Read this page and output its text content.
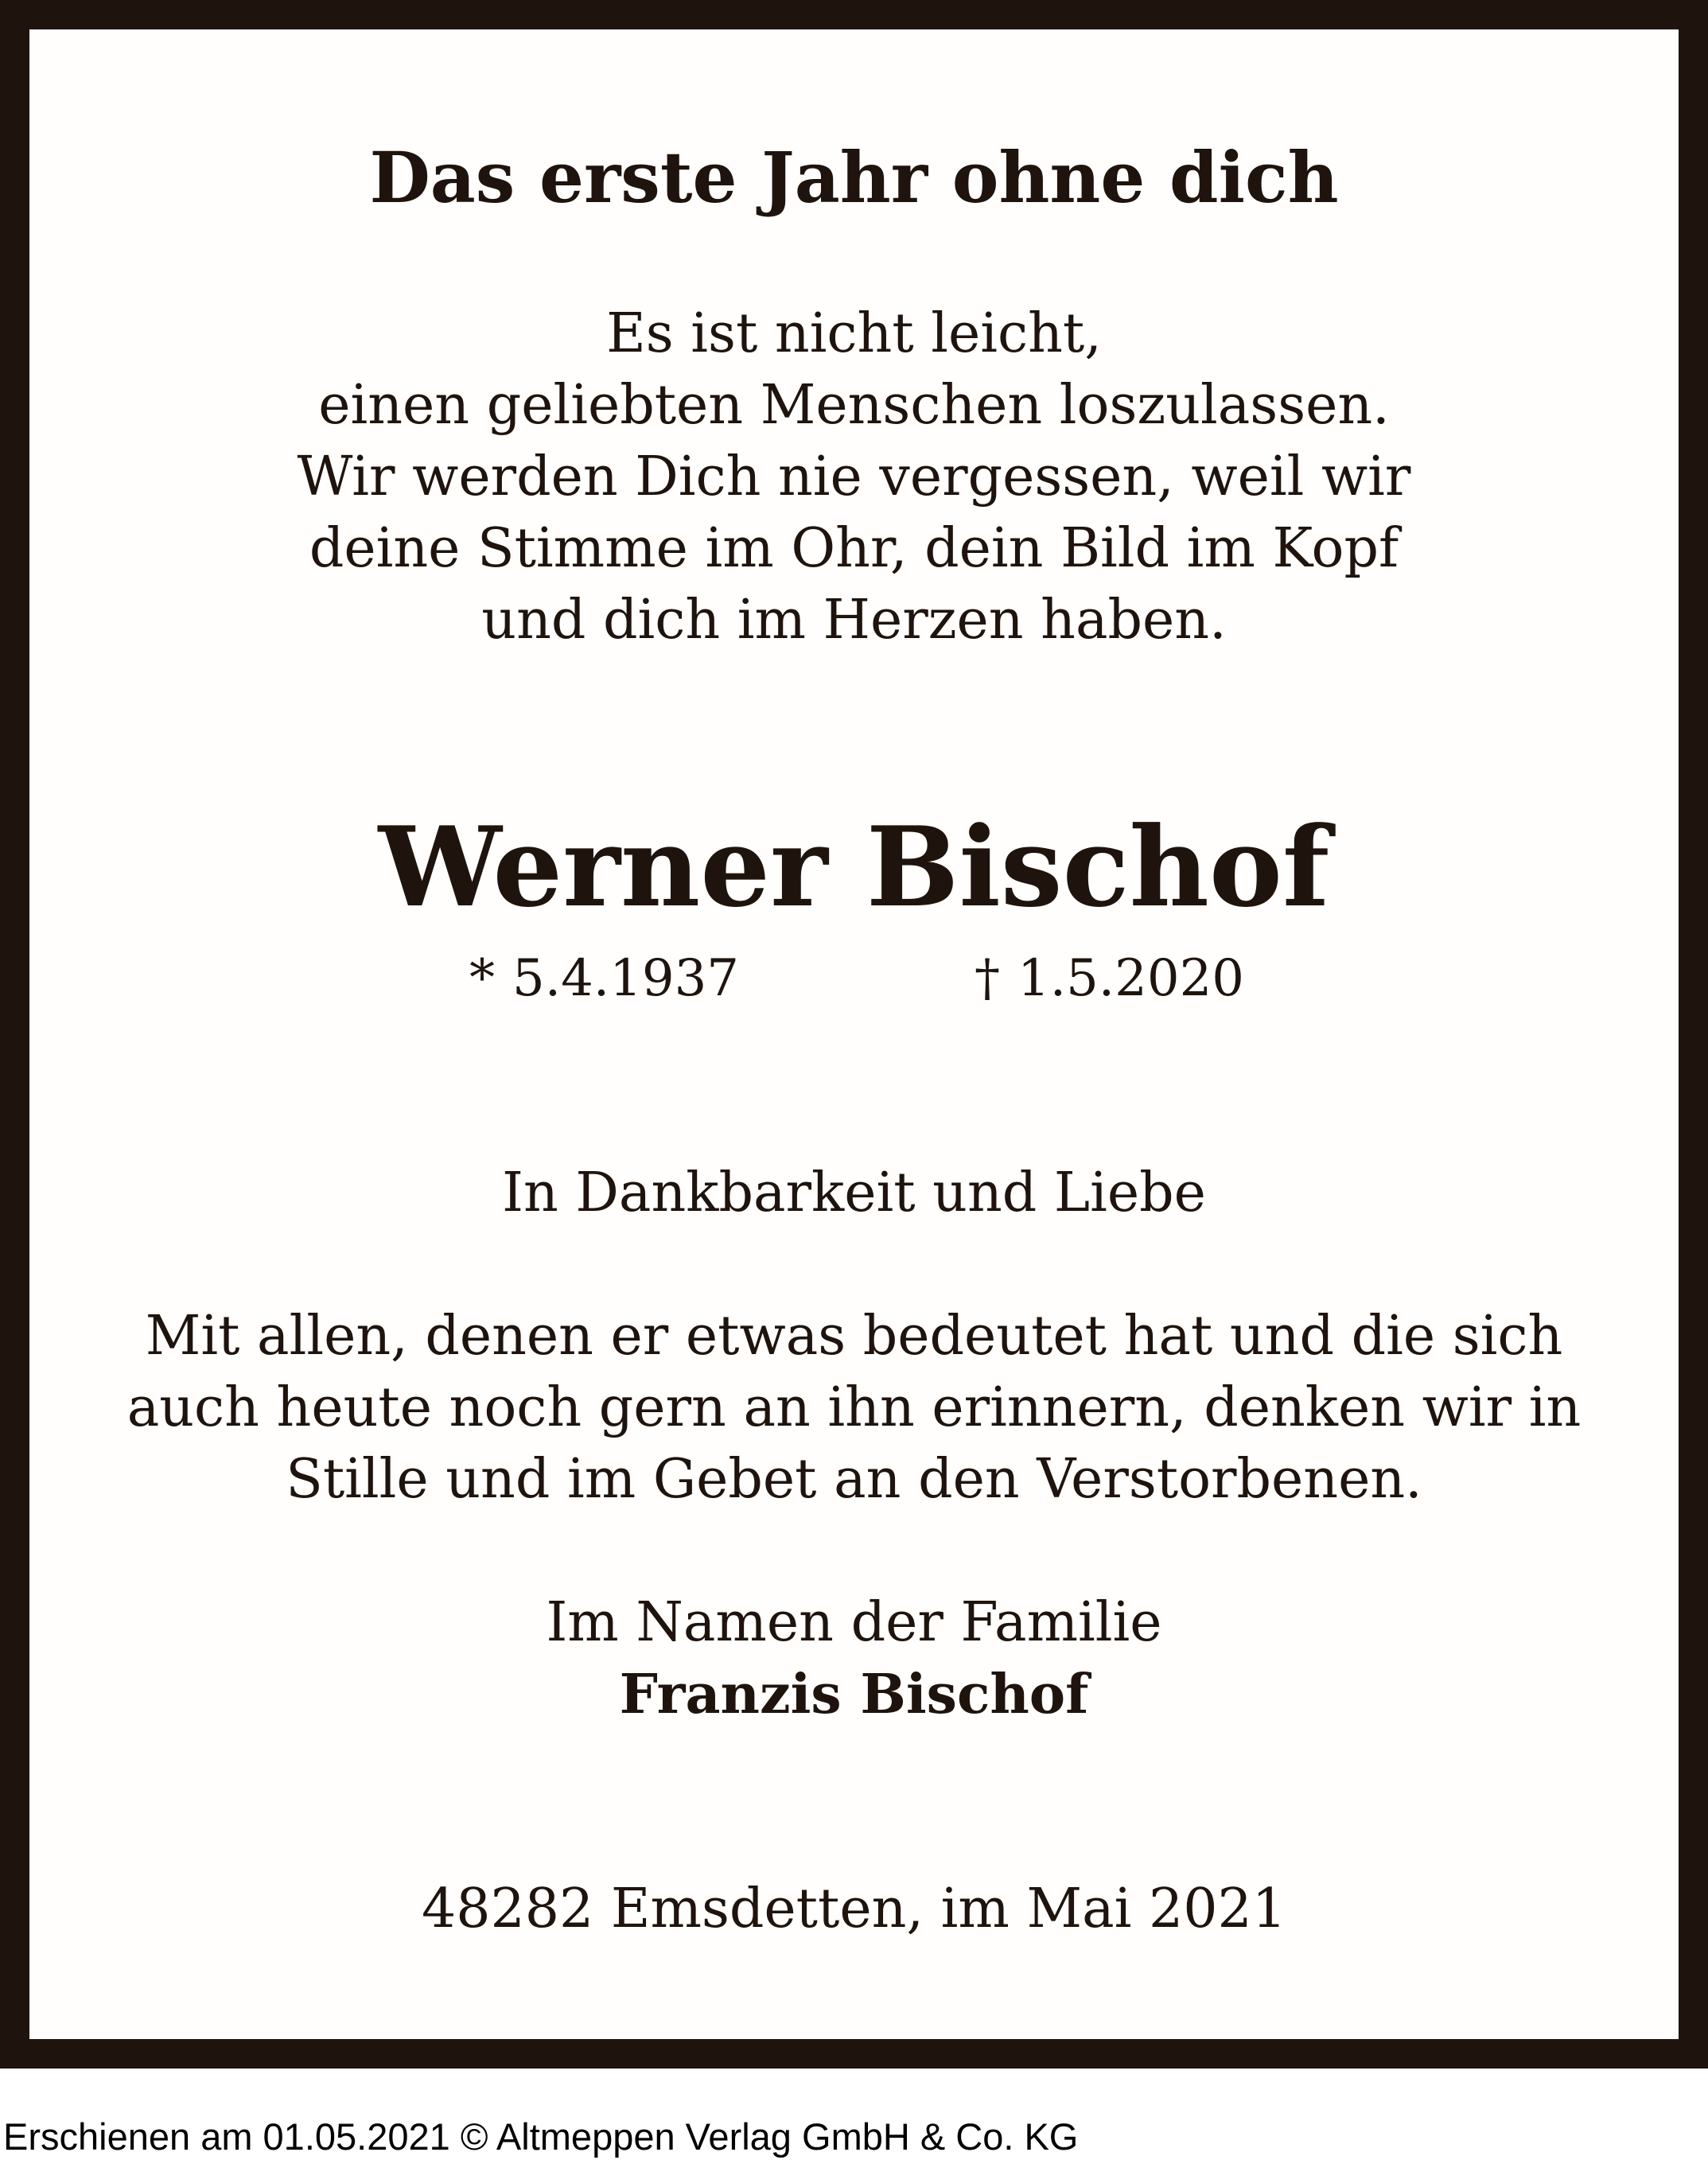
Das erste Jahr ohne dich
Es ist nicht leicht,
einen geliebten Menschen loszulassen.
Wir werden Dich nie vergessen, weil wir
deine Stimme im Ohr, dein Bild im Kopf
und dich im Herzen haben.
Werner Bischof
* 5.4.1937	† 1.5.2020
In Dankbarkeit und Liebe
Mit allen, denen er etwas bedeutet hat und die sich
auch heute noch gern an ihn erinnern, denken wir in
Stille und im Gebet an den Verstorbenen.
Im Namen der Familie
Franzis Bischof
48282 Emsdetten, im Mai 2021
Erschienen am 01.05.2021 © Altmeppen Verlag GmbH & Co. KG
